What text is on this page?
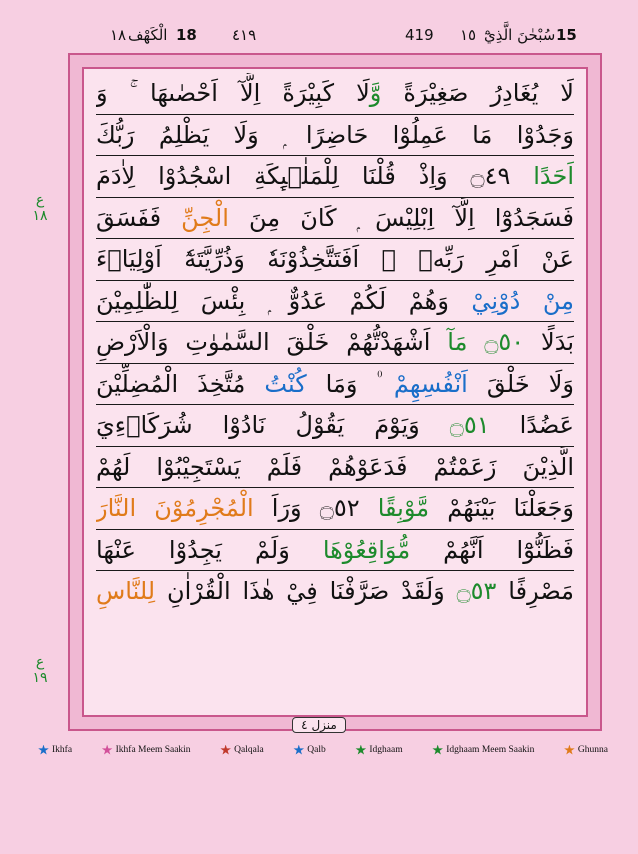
١٨ الْكَهْف 18 ٤١٩	419 ١٥ سُبْحٰنَ الَّذِيْٓ 15
ع
١٨
ع
١٩
لَا يُغَادِرُ صَغِيْرَةً وَّلَا كَبِيْرَةً اِلَّآ اَحْصٰىهَا ۚ وَ
وَجَدُوْا مَا عَمِلُوْا حَاضِرًا ۭ وَلَا يَظْلِمُ رَبُّكَ
اَحَدًا ۝٤٩ وَاِذْ قُلْنَا لِلْمَلٰۗىِٕكَةِ اسْجُدُوْا لِاٰدَمَ
فَسَجَدُوْٓا اِلَّآ اِبْلِيْسَ ۭ كَانَ مِنَ الْجِنِّ فَفَسَقَ
عَنْ اَمْرِ رَبِّهٖ ۭ اَفَتَتَّخِذُوْنَهٗ وَذُرِّيَّتَهٗٓ اَوْلِيَاۗءَ
مِنْ دُوْنِيْ وَهُمْ لَكُمْ عَدُوٌّ ۭ بِئْسَ لِلظّٰلِمِيْنَ
بَدَلًا ۝٥٠ مَآ اَشْهَدْتُّهُمْ خَلْقَ السَّمٰوٰتِ وَالْاَرْضِ
وَلَا خَلْقَ اَنْفُسِهِمْ ۠ وَمَا كُنْتُ مُتَّخِذَ الْمُضِلِّيْنَ
عَضُدًا ۝٥١ وَيَوْمَ يَقُوْلُ نَادُوْا شُرَكَاۗءِيَ
الَّذِيْنَ زَعَمْتُمْ فَدَعَوْهُمْ فَلَمْ يَسْتَجِيْبُوْا لَهُمْ
وَجَعَلْنَا بَيْنَهُمْ مَّوْبِقًا ۝٥٢ وَرَاَ الْمُجْرِمُوْنَ النَّارَ
فَظَنُّوْٓا اَنَّهُمْ مُّوَاقِعُوْهَا وَلَمْ يَجِدُوْا عَنْهَا
مَصْرِفًا ۝٥٣ وَلَقَدْ صَرَّفْنَا فِيْ هٰذَا الْقُرْاٰنِ لِلنَّاسِ
منزل ٤
Ikhfa	Ikhfa Meem Saakin	Qalqala	Qalb	Idghaam	Idghaam Meem Saakin	Ghunna
